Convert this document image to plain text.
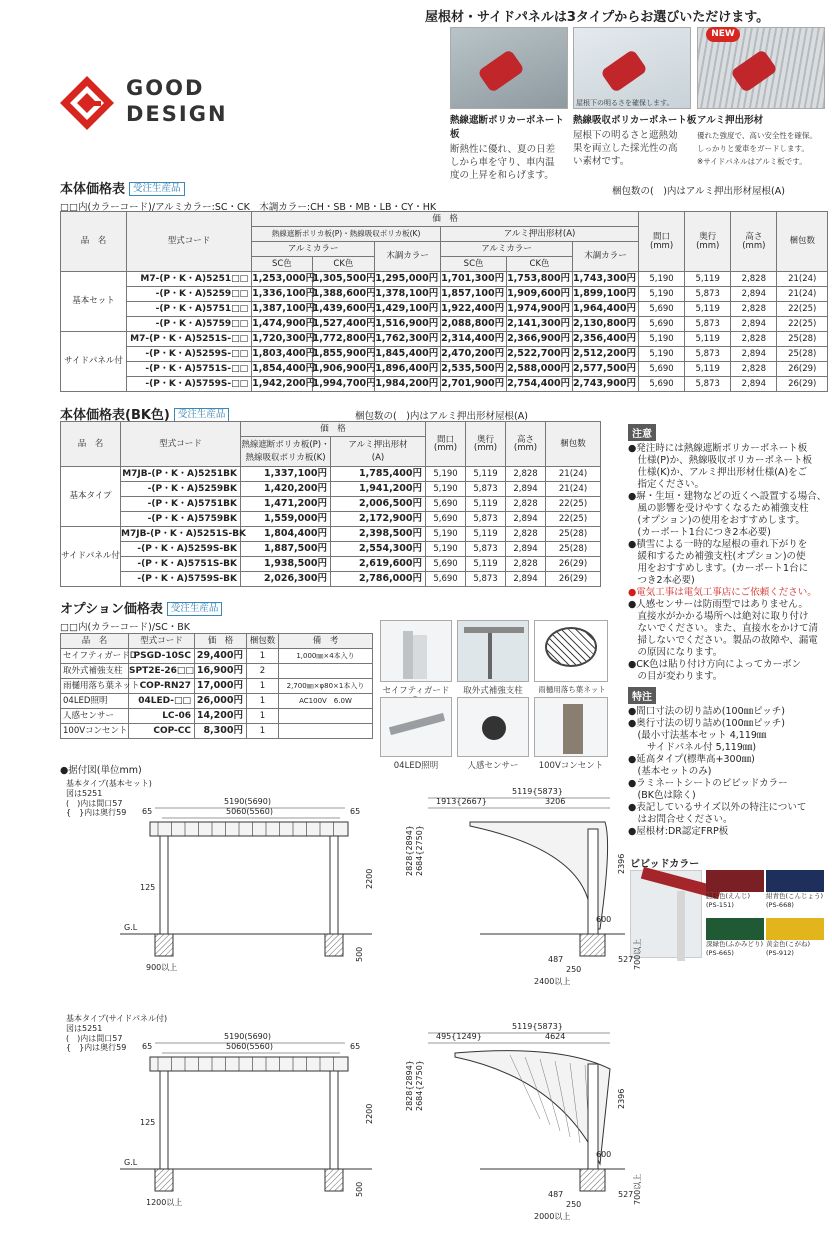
GOOD
DESIGN
屋根材・サイドパネルは3タイプからお選びいただけます。
屋根下の明るさを確保します。
NEW
熱線遮断ポリカーボネート板
断熱性に優れ、夏の日差
しから車を守り、車内温
度の上昇を和らげます。
熱線吸収ポリカーボネート板
屋根下の明るさと遮熱効
果を両立した採光性の高
い素材です。
アルミ押出形材
優れた強度で、高い安全性を確保。
しっかりと愛車をガードします。
※サイドパネルはアルミ板です。
本体価格表 受注生産品	梱包数の(　)内はアルミ押出形材屋根(A)
□□内(カラーコード)/アルミカラー:SC・CK　木調カラー:CH・SB・MB・LB・CY・HK
品　名	型式コード	価　格						間口
(mm)	奥行
(mm)	高さ
(mm)	梱包数
		熱線遮断ポリカ板(P)・熱線吸収ポリカ板(K)			アルミ押出形材(A)						
		アルミカラー		木調カラー	アルミカラー		木調カラー				
		SC色	CK色		SC色	CK色					
基本セット	M7-(P・K・A)5251□□	1,253,000円	1,305,500円	1,295,000円	1,701,300円	1,753,800円	1,743,300円	5,190	5,119	2,828	21(24)
	-(P・K・A)5259□□	1,336,100円	1,388,600円	1,378,100円	1,857,100円	1,909,600円	1,899,100円	5,190	5,873	2,894	21(24)
	-(P・K・A)5751□□	1,387,100円	1,439,600円	1,429,100円	1,922,400円	1,974,900円	1,964,400円	5,690	5,119	2,828	22(25)
	-(P・K・A)5759□□	1,474,900円	1,527,400円	1,516,900円	2,088,800円	2,141,300円	2,130,800円	5,690	5,873	2,894	22(25)
サイドパネル付	M7-(P・K・A)5251S-□□	1,720,300円	1,772,800円	1,762,300円	2,314,400円	2,366,900円	2,356,400円	5,190	5,119	2,828	25(28)
	-(P・K・A)5259S-□□	1,803,400円	1,855,900円	1,845,400円	2,470,200円	2,522,700円	2,512,200円	5,190	5,873	2,894	25(28)
	-(P・K・A)5751S-□□	1,854,400円	1,906,900円	1,896,400円	2,535,500円	2,588,000円	2,577,500円	5,690	5,119	2,828	26(29)
	-(P・K・A)5759S-□□	1,942,200円	1,994,700円	1,984,200円	2,701,900円	2,754,400円	2,743,900円	5,690	5,873	2,894	26(29)
本体価格表(BK色) 受注生産品	梱包数の(　)内はアルミ押出形材屋根(A)
品　名	型式コード	価　格		間口
(mm)	奥行
(mm)	高さ
(mm)	梱包数
		熱線遮断ポリカ板(P)・
熱線吸収ポリカ板(K)	アルミ押出形材
(A)				
基本タイプ	M7JB-(P・K・A)5251BK	1,337,100円	1,785,400円	5,190	5,119	2,828	21(24)
	-(P・K・A)5259BK	1,420,200円	1,941,200円	5,190	5,873	2,894	21(24)
	-(P・K・A)5751BK	1,471,200円	2,006,500円	5,690	5,119	2,828	22(25)
	-(P・K・A)5759BK	1,559,000円	2,172,900円	5,690	5,873	2,894	22(25)
サイドパネル付	M7JB-(P・K・A)5251S-BK	1,804,400円	2,398,500円	5,190	5,119	2,828	25(28)
	-(P・K・A)5259S-BK	1,887,500円	2,554,300円	5,190	5,873	2,894	25(28)
	-(P・K・A)5751S-BK	1,938,500円	2,619,600円	5,690	5,119	2,828	26(29)
	-(P・K・A)5759S-BK	2,026,300円	2,786,000円	5,690	5,873	2,894	26(29)
オプション価格表 受注生産品
□□内(カラーコード)/SC・BK
品　名	型式コード	価　格	梱包数	備　考
セイフティガードD	PSGD-10SC	29,400円	1	1,000㎜×4本入り
取外式補強支柱	SPT2E-26□□	16,900円	2	
雨樋用落ち葉ネット	COP-RN27	17,000円	1	2,700㎜×φ80×1本入り
04LED照明	04LED-□□	26,000円	1	AC100V　6.0W
人感センサー	LC-06	14,200円	1	
100Vコンセント	COP-CC	8,300円	1	
セイフティガード	取外式補強支柱	雨樋用落ち葉ネット
04LED照明	人感センサー	100Vコンセント
注意

●発注時には熱線遮断ポリカーボネート板

　仕様(P)か、熱線吸収ポリカーボネート板

　仕様(K)か、アルミ押出形材仕様(A)をご

　指定ください。

●塀・生垣・建物などの近くへ設置する場合、

　風の影響を受けやすくなるため補強支柱

　(オプション)の使用をおすすめします。

　(カーポート1台につき2本必要)

●積雪による一時的な屋根の垂れ下がりを

　緩和するため補強支柱(オプション)の使

　用をおすすめします。(カーポート1台に

　つき2本必要)

●電気工事は電気工事店にご依頼ください。

●人感センサーは防雨型ではありません。

　直接水がかかる場所へは絶対に取り付け

　ないでください。また、直接水をかけて清

　掃しないでください。製品の故障や、漏電

　の原因になります。

●CK色は貼り付け方向によってカーボン

　の目が変わります。

特注

●間口寸法の切り詰め(100㎜ピッチ)

●奥行寸法の切り詰め(100㎜ピッチ)

　(最小寸法基本セット 4,119㎜

　　サイドパネル付 5,119㎜)

●延高タイプ(標準高+300㎜)

　(基本セットのみ)

●ラミネートシートのビビッドカラー

　(BK色は除く)

●表記しているサイズ以外の特注について

　はお問合せください。

●屋根材:DR認定FRP板

ビビッドカラー
臙脂色(えんじ)
(PS-151)
紺青色(こんじょう)
(PS-668)
深緑色(ふかみどり)
(PS-665)
黄金色(こがね)
(PS-912)
●据付図(単位mm)
基本タイプ(基本セット)
図は5251
(　)内は間口57
{　}内は奥行59
5190(5690)
5060(5560)
65	65
G.L
125	2200
900以上
500
5119{5873}
1913{2667}	3206
2828{2894} 2684{2750}	2396
600
487	527
250	700以上
2400以上
基本タイプ(サイドパネル付)
図は5251
(　)内は間口57
{　}内は奥行59
5190(5690)
5060(5560)
65	65
G.L
125	2200
1200以上
500
5119{5873}
495{1249}	4624
2828{2894} 2684{2750}	2396
600
487	527
250	700以上
2000以上
